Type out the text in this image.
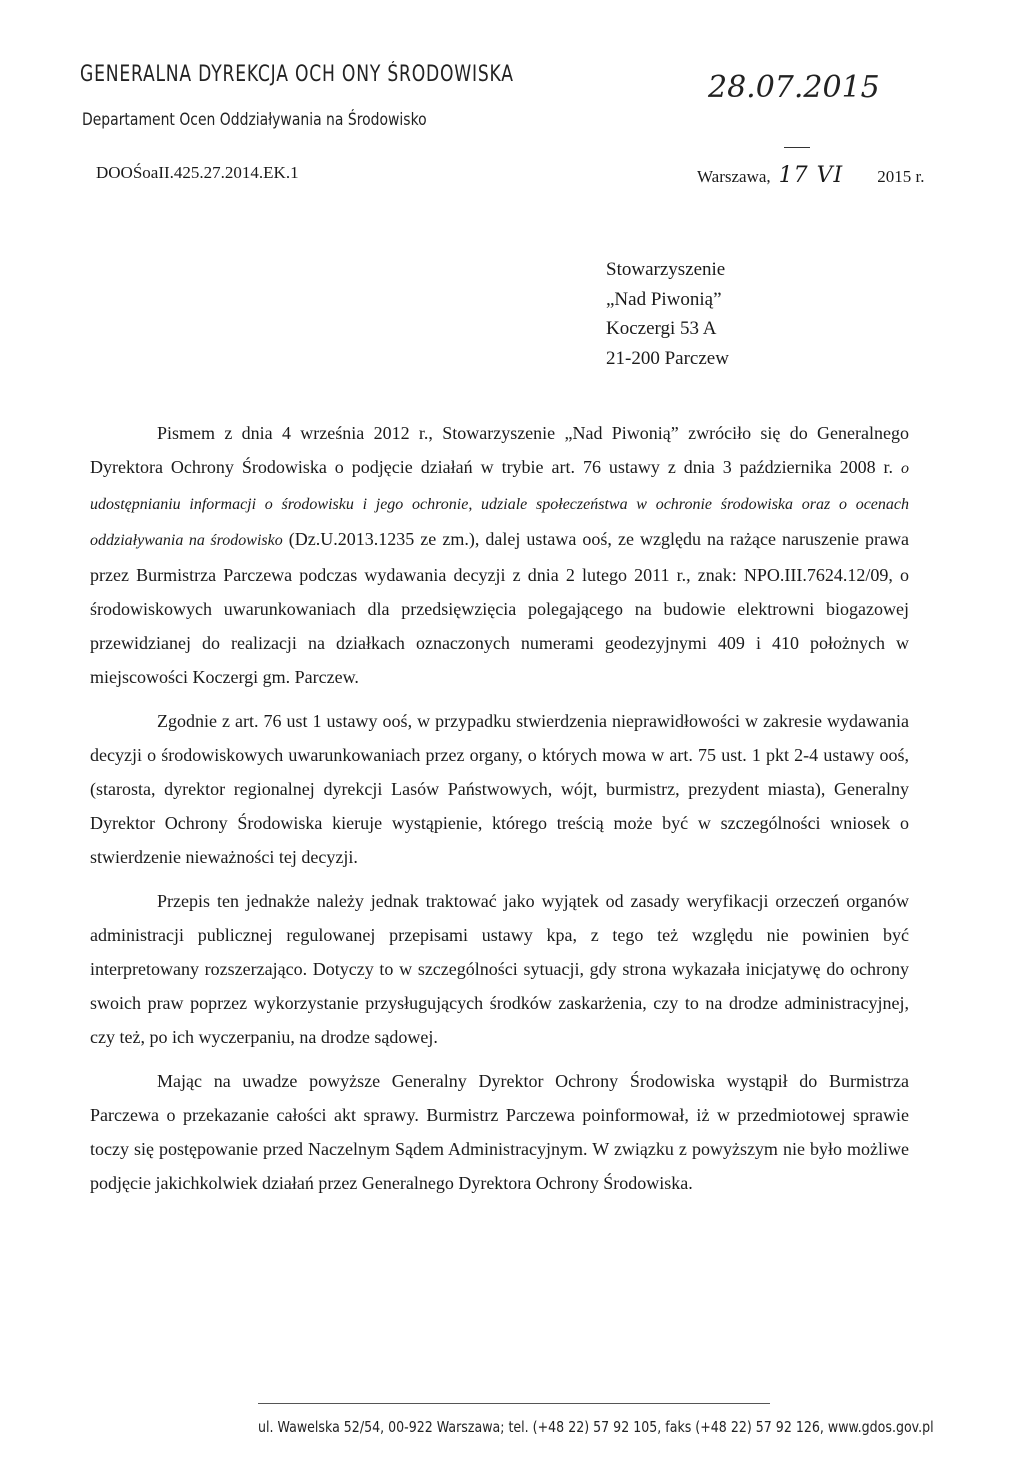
GENERALNA DYREKCJA OCH ONY ŚRODOWISKA
Departament Ocen Oddziaływania na Środowisko
28.07.2015
DOOŚoaII.425.27.2014.EK.1	Warszawa, 17 VI 2015 r.
Stowarzyszenie
„Nad Piwonią”
Koczergi 53 A
21-200 Parczew

Pismem z dnia 4 września 2012 r., Stowarzyszenie „Nad Piwonią” zwróciło się do Generalnego Dyrektora Ochrony Środowiska o podjęcie działań w trybie art. 76 ustawy z dnia 3 października 2008 r. o udostępnianiu informacji o środowisku i jego ochronie, udziale społeczeństwa w ochronie środowiska oraz o ocenach oddziaływania na środowisko (Dz.U.2013.1235 ze zm.), dalej ustawa ooś, ze względu na rażące naruszenie prawa przez Burmistrza Parczewa podczas wydawania decyzji z dnia 2 lutego 2011 r., znak: NPO.III.7624.12/09, o środowiskowych uwarunkowaniach dla przedsięwzięcia polegającego na budowie elektrowni biogazowej przewidzianej do realizacji na działkach oznaczonych numerami geodezyjnymi 409 i 410 położnych w miejscowości Koczergi gm. Parczew.

Zgodnie z art. 76 ust 1 ustawy ooś, w przypadku stwierdzenia nieprawidłowości w zakresie wydawania decyzji o środowiskowych uwarunkowaniach przez organy, o których mowa w art. 75 ust. 1 pkt 2-4 ustawy ooś, (starosta, dyrektor regionalnej dyrekcji Lasów Państwowych, wójt, burmistrz, prezydent miasta), Generalny Dyrektor Ochrony Środowiska kieruje wystąpienie, którego treścią może być w szczególności wniosek o stwierdzenie nieważności tej decyzji.

Przepis ten jednakże należy jednak traktować jako wyjątek od zasady weryfikacji orzeczeń organów administracji publicznej regulowanej przepisami ustawy kpa, z tego też względu nie powinien być interpretowany rozszerzająco. Dotyczy to w szczególności sytuacji, gdy strona wykazała inicjatywę do ochrony swoich praw poprzez wykorzystanie przysługujących środków zaskarżenia, czy to na drodze administracyjnej, czy też, po ich wyczerpaniu, na drodze sądowej.

Mając na uwadze powyższe Generalny Dyrektor Ochrony Środowiska wystąpił do Burmistrza Parczewa o przekazanie całości akt sprawy. Burmistrz Parczewa poinformował, iż w przedmiotowej sprawie toczy się postępowanie przed Naczelnym Sądem Administracyjnym. W związku z powyższym nie było możliwe podjęcie jakichkolwiek działań przez Generalnego Dyrektora Ochrony Środowiska.

ul. Wawelska 52/54, 00-922 Warszawa; tel. (+48 22) 57 92 105, faks (+48 22) 57 92 126, www.gdos.gov.pl
